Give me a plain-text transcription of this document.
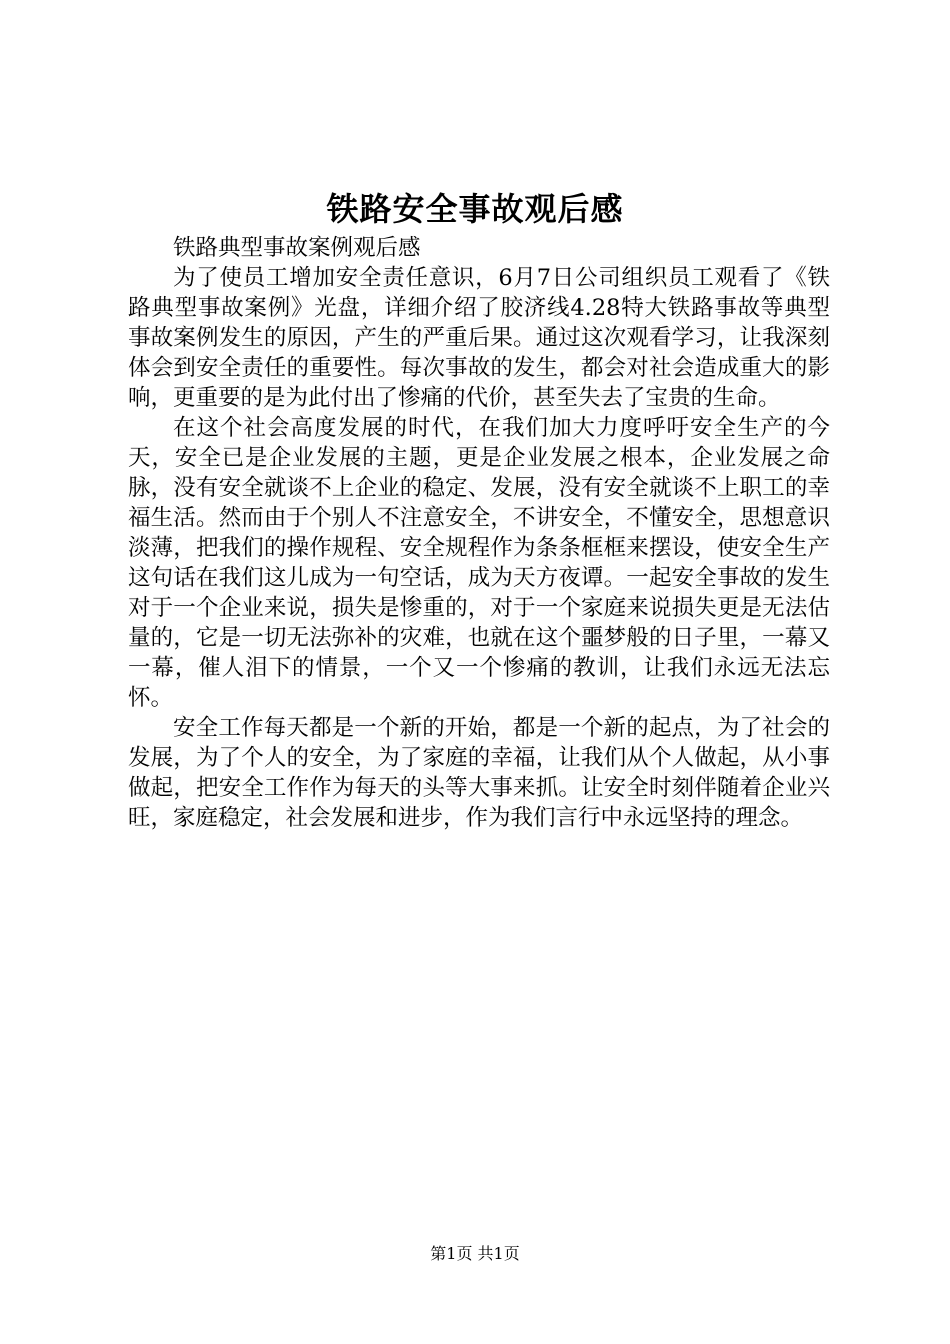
铁路安全事故观后感

铁路典型事故案例观后感

为了使员工增加安全责任意识，6月7日公司组织员工观看了《铁路典型事故案例》光盘，详细介绍了胶济线4.28特大铁路事故等典型事故案例发生的原因，产生的严重后果。通过这次观看学习，让我深刻体会到安全责任的重要性。每次事故的发生，都会对社会造成重大的影响，更重要的是为此付出了惨痛的代价，甚至失去了宝贵的生命。

在这个社会高度发展的时代，在我们加大力度呼吁安全生产的今天，安全已是企业发展的主题，更是企业发展之根本，企业发展之命脉，没有安全就谈不上企业的稳定、发展，没有安全就谈不上职工的幸福生活。然而由于个别人不注意安全，不讲安全，不懂安全，思想意识淡薄，把我们的操作规程、安全规程作为条条框框来摆设，使安全生产这句话在我们这儿成为一句空话，成为天方夜谭。一起安全事故的发生对于一个企业来说，损失是惨重的，对于一个家庭来说损失更是无法估量的，它是一切无法弥补的灾难，也就在这个噩梦般的日子里，一幕又一幕，催人泪下的情景，一个又一个惨痛的教训，让我们永远无法忘怀。

安全工作每天都是一个新的开始，都是一个新的起点，为了社会的发展，为了个人的安全，为了家庭的幸福，让我们从个人做起，从小事做起，把安全工作作为每天的头等大事来抓。让安全时刻伴随着企业兴旺，家庭稳定，社会发展和进步，作为我们言行中永远坚持的理念。

第1页 共1页
